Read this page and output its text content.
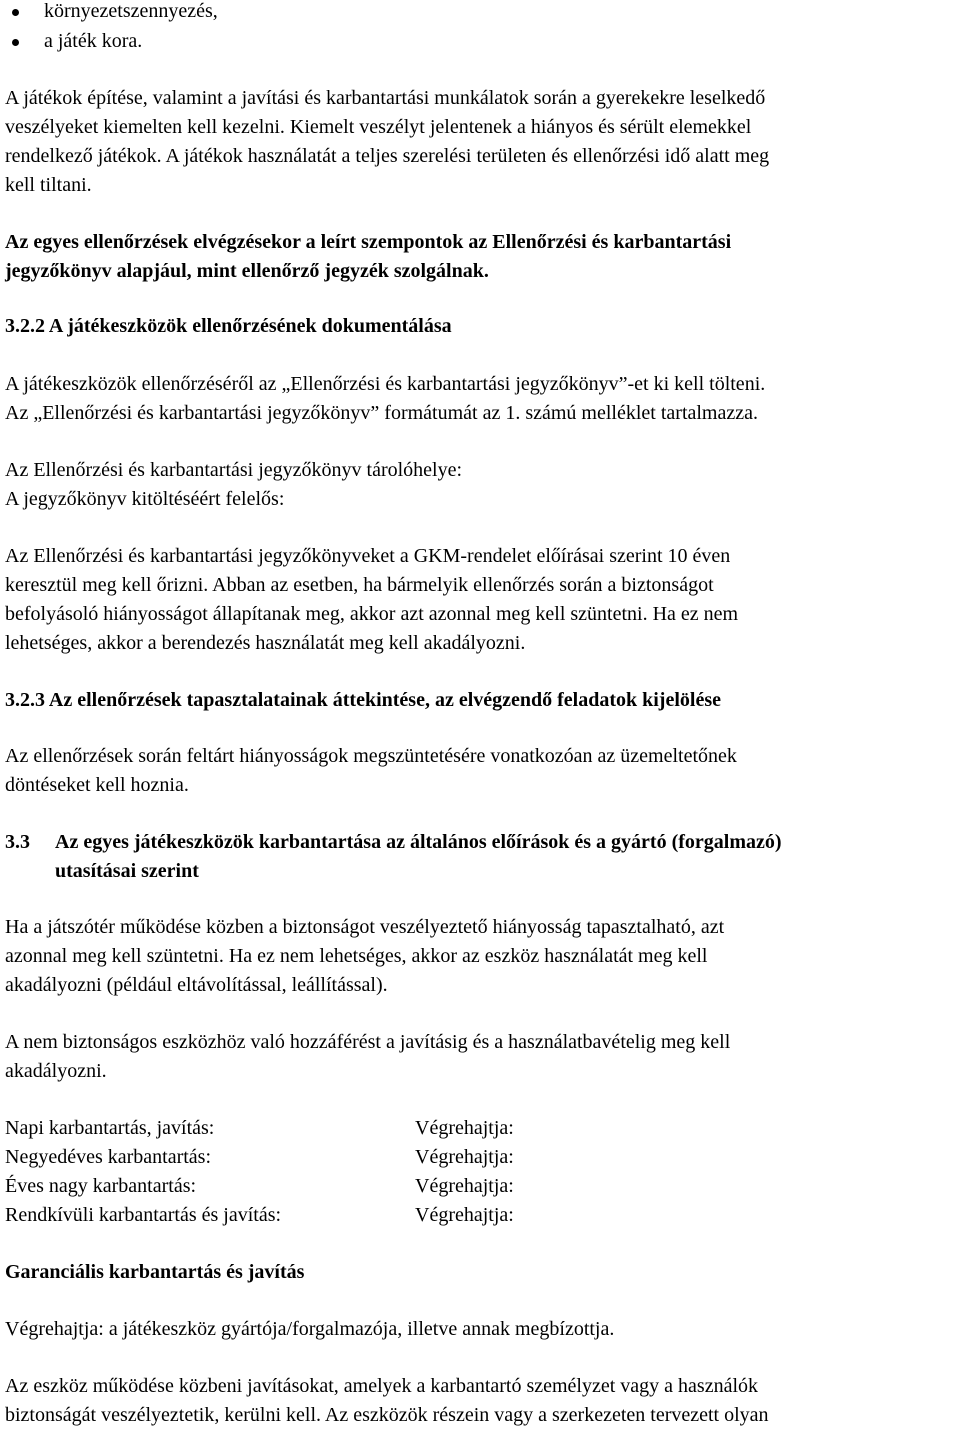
környezetszennyezés,
a játék kora.
A játékok építése, valamint a javítási és karbantartási munkálatok során a gyerekekre leselkedő
veszélyeket kiemelten kell kezelni. Kiemelt veszélyt jelentenek a hiányos és sérült elemekkel
rendelkező játékok. A játékok használatát a teljes szerelési területen és ellenőrzési idő alatt meg
kell tiltani.
Az egyes ellenőrzések elvégzésekor a leírt szempontok az Ellenőrzési és karbantartási
jegyzőkönyv alapjául, mint ellenőrző jegyzék szolgálnak.
3.2.2 A játékeszközök ellenőrzésének dokumentálása
A játékeszközök ellenőrzéséről az „Ellenőrzési és karbantartási jegyzőkönyv”-et ki kell tölteni.
Az „Ellenőrzési és karbantartási jegyzőkönyv” formátumát az 1. számú melléklet tartalmazza.
Az Ellenőrzési és karbantartási jegyzőkönyv tárolóhelye:
A jegyzőkönyv kitöltéséért felelős:
Az Ellenőrzési és karbantartási jegyzőkönyveket a GKM-rendelet előírásai szerint 10 éven
keresztül meg kell őrizni. Abban az esetben, ha bármelyik ellenőrzés során a biztonságot
befolyásoló hiányosságot állapítanak meg, akkor azt azonnal meg kell szüntetni. Ha ez nem
lehetséges, akkor a berendezés használatát meg kell akadályozni.
3.2.3 Az ellenőrzések tapasztalatainak áttekintése, az elvégzendő feladatok kijelölése
Az ellenőrzések során feltárt hiányosságok megszüntetésére vonatkozóan az üzemeltetőnek
döntéseket kell hoznia.
3.3	Az egyes játékeszközök karbantartása az általános előírások és a gyártó (forgalmazó)
utasításai szerint
Ha a játszótér működése közben a biztonságot veszélyeztető hiányosság tapasztalható, azt
azonnal meg kell szüntetni. Ha ez nem lehetséges, akkor az eszköz használatát meg kell
akadályozni (például eltávolítással, leállítással).
A nem biztonságos eszközhöz való hozzáférést a javításig és a használatbavételig meg kell
akadályozni.
Napi karbantartás, javítás:	Végrehajtja:
Negyedéves karbantartás:	Végrehajtja:
Éves nagy karbantartás:	Végrehajtja:
Rendkívüli karbantartás és javítás:	Végrehajtja:
Garanciális karbantartás és javítás
Végrehajtja: a játékeszköz gyártója/forgalmazója, illetve annak megbízottja.
Az eszköz működése közbeni javításokat, amelyek a karbantartó személyzet vagy a használók
biztonságát veszélyeztetik, kerülni kell. Az eszközök részein vagy a szerkezeten tervezett olyan
